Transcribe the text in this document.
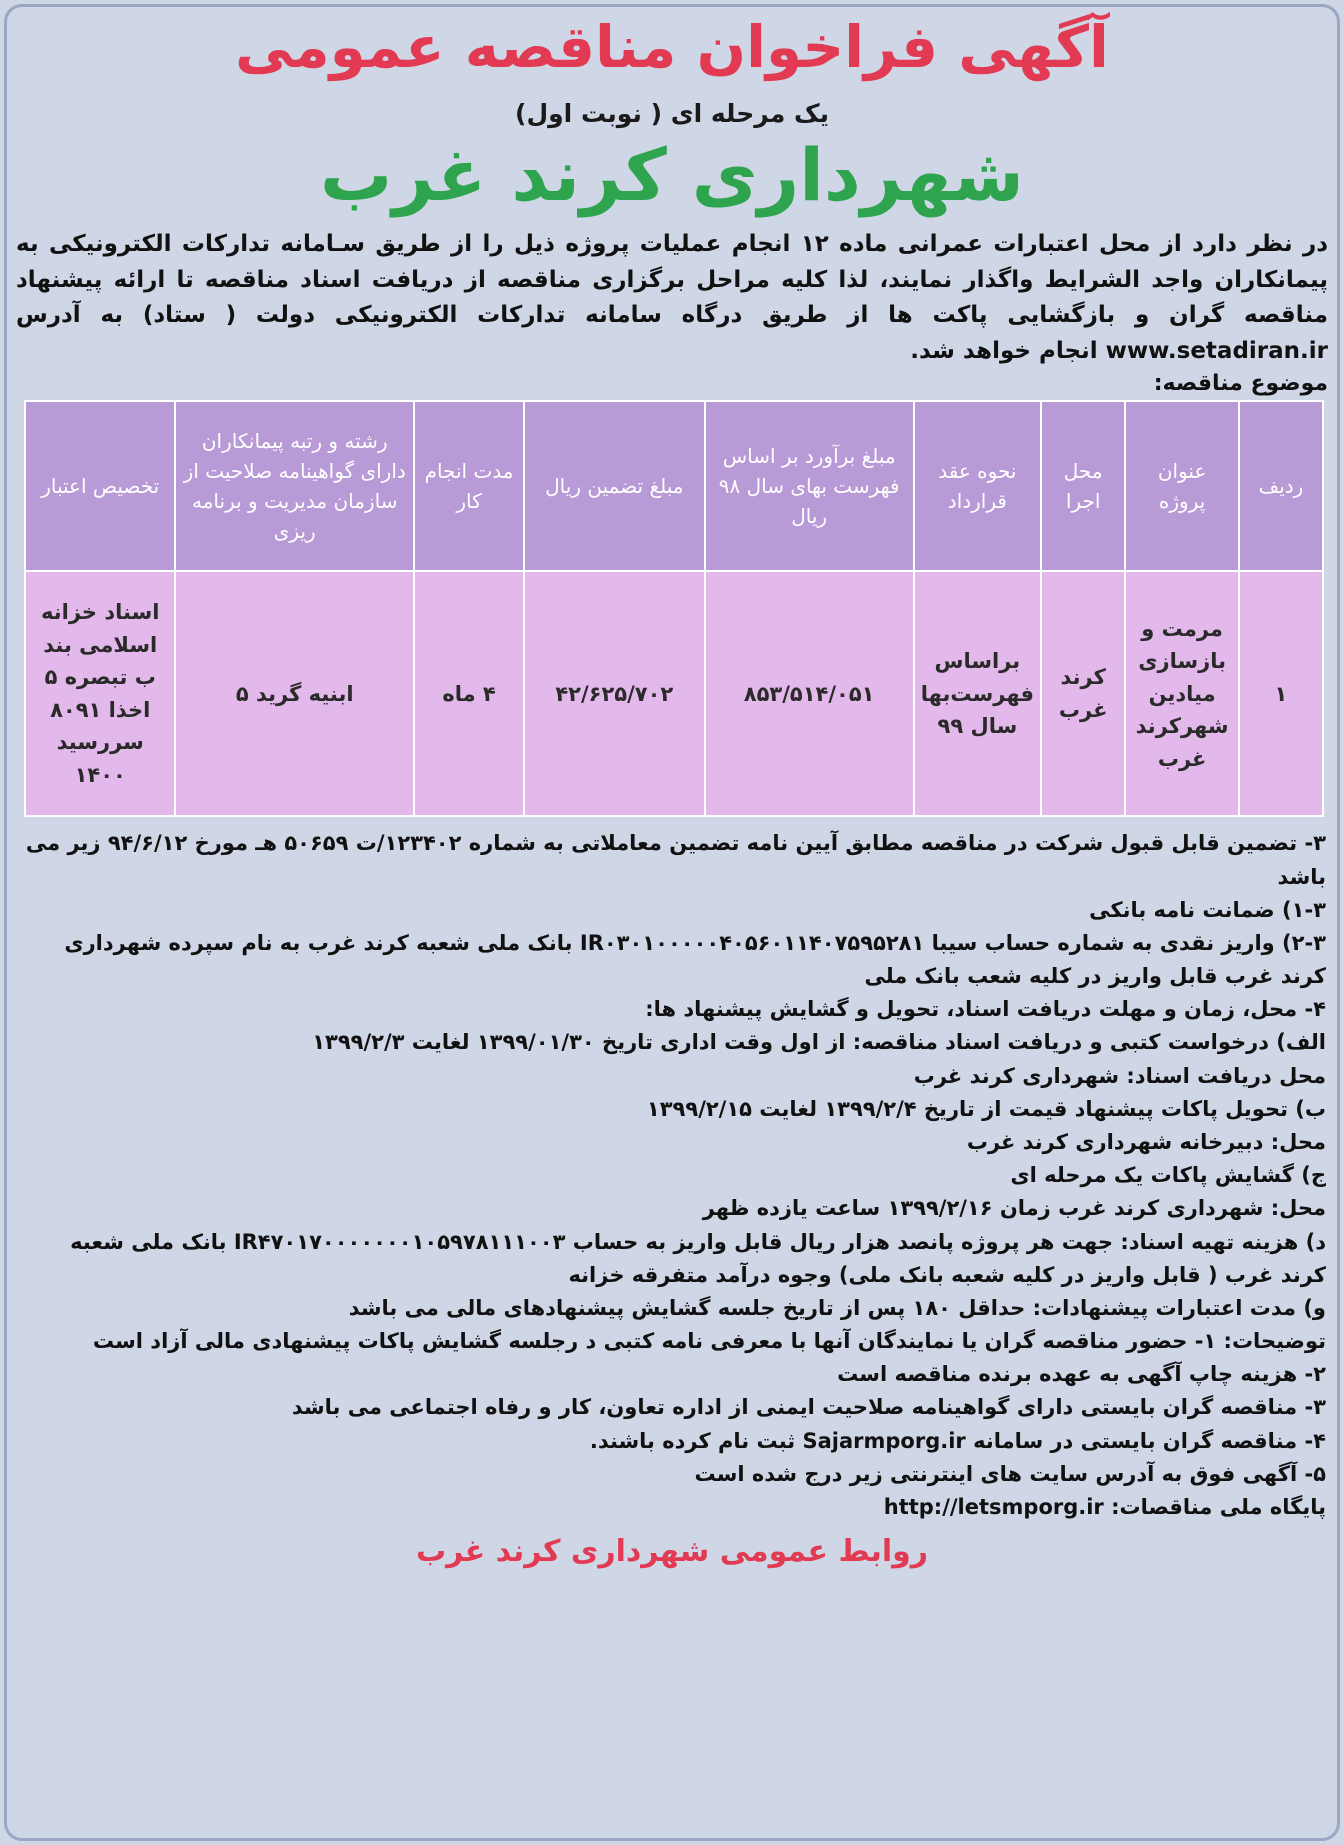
آگهی فراخوان مناقصه عمومی
یک مرحله ای ( نوبت اول)
شهرداری کرند غرب

در نظر دارد از محل اعتبارات عمرانی ماده ۱۲ انجام عملیات پروژه ذیل را از طریق سـامانه تدارکات الکترونیکی به پیمانکاران واجد الشرایط واگذار نمایند، لذا کلیه مراحل برگزاری مناقصه از دریافت اسناد مناقصه تا ارائه پیشنهاد مناقصه گران و بازگشایی پاکت ها از طریق درگاه سامانه تدارکات الکترونیکی دولت ( ستاد) به آدرس www.setadiran.ir انجام خواهد شد.

موضوع مناقصه:
ردیف	عنوان پروژه	محل اجرا	نحوه عقد قرارداد	مبلغ برآورد بر اساس فهرست بهای سال ۹۸ ریال	مبلغ تضمین ریال	مدت انجام کار	رشته و رتبه پیمانکاران دارای گواهینامه صلاحیت از سازمان مدیریت و برنامه ریزی	تخصیص اعتبار
۱	مرمت و بازسازی میادین شهرکرند غرب	کرند غرب	براساس فهرست‌بها سال ۹۹	۸۵۳/۵۱۴/۰۵۱	۴۲/۶۲۵/۷۰۲	۴ ماه	ابنیه گرید ۵	اسناد خزانه اسلامی بند ب تبصره ۵ اخذا ۸۰۹۱ سررسید ۱۴۰۰

۳- تضمین قابل قبول شرکت در مناقصه مطابق آیین نامه تضمین معاملاتی به شماره ۱۲۳۴۰۲/ت ۵۰۶۵۹ هـ مورخ ۹۴/۶/۱۲ زیر می باشد

۱-۳) ضمانت نامه بانکی

۲-۳) واریز نقدی به شماره حساب سیبا IR۰۳۰۱۰۰۰۰۰۴۰۵۶۰۱۱۴۰۷۵۹۵۲۸۱ بانک ملی شعبه کرند غرب به نام سپرده شهرداری کرند غرب قابل واریز در کلیه شعب بانک ملی

۴- محل، زمان و مهلت دریافت اسناد، تحویل و گشایش پیشنهاد ها:

الف) درخواست کتبی و دریافت اسناد مناقصه: از اول وقت اداری تاریخ ۱۳۹۹/۰۱/۳۰ لغایت ۱۳۹۹/۲/۳

محل دریافت اسناد: شهرداری کرند غرب

ب) تحویل پاکات پیشنهاد قیمت از تاریخ ۱۳۹۹/۲/۴ لغایت ۱۳۹۹/۲/۱۵

محل: دبیرخانه شهرداری کرند غرب

ج) گشایش پاکات یک مرحله ای

محل: شهرداری کرند غرب زمان ۱۳۹۹/۲/۱۶ ساعت یازده ظهر

د) هزینه تهیه اسناد: جهت هر پروژه پانصد هزار ریال قابل واریز به حساب IR۴۷۰۱۷۰۰۰۰۰۰۰۱۰۵۹۷۸۱۱۱۰۰۳ بانک ملی شعبه کرند غرب ( قابل واریز در کلیه شعبه بانک ملی) وجوه درآمد متفرقه خزانه

و) مدت اعتبارات پیشنهادات: حداقل ۱۸۰ پس از تاریخ جلسه گشایش پیشنهادهای مالی می باشد

توضیحات: ۱- حضور مناقصه گران یا نمایندگان آنها با معرفی نامه کتبی د رجلسه گشایش پاکات پیشنهادی مالی آزاد است

۲- هزینه چاپ آگهی به عهده برنده مناقصه است

۳- مناقصه گران بایستی دارای گواهینامه صلاحیت ایمنی از اداره تعاون، کار و رفاه اجتماعی می باشد

۴- مناقصه گران بایستی در سامانه Sajarmporg.ir ثبت نام کرده باشند.

۵- آگهی فوق به آدرس سایت های اینترنتی زیر درج شده است

پایگاه ملی مناقصات: http://letsmporg.ir

روابط عمومی شهرداری کرند غرب
